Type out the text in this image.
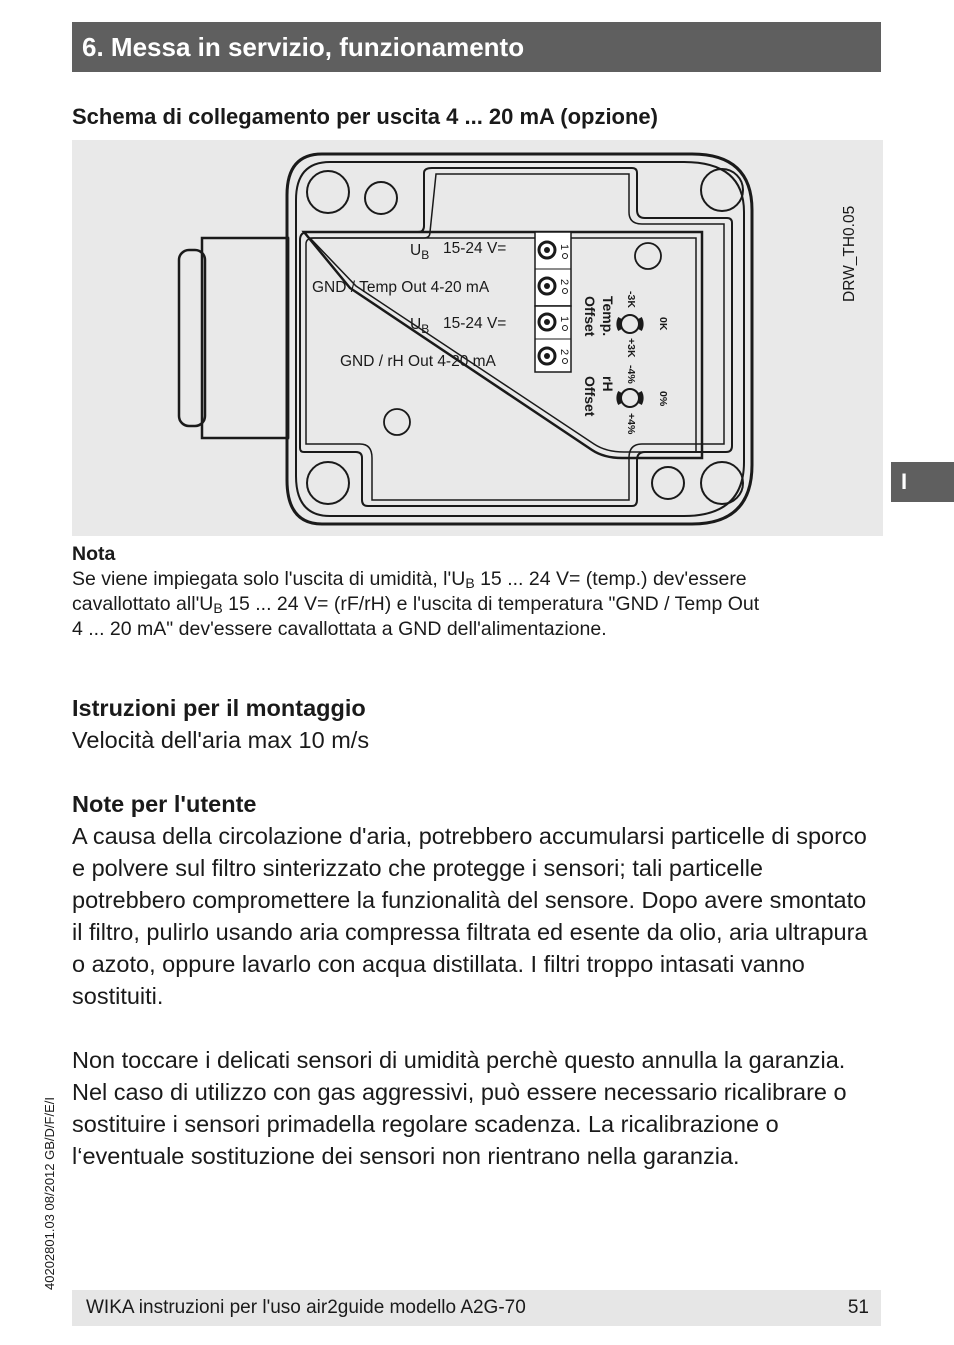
6. Messa in servizio, funzionamento
Schema di collegamento per uscita 4 ... 20 mA (opzione)
1
2
1
2
$U_B$ 15-24 V=
GND / Temp Out 4-20 mA
$U_B$ 15-24 V=
GND / rH Out 4-20 mA
Temp.
Offset
rH
Offset
-3K
+3K
0K
-4%
+4%
0%
DRW_TH0.05
I
Nota
Se viene impiegata solo l'uscita di umidità, $l'U_B$ 15 ... 24 V= (temp.) dev'essere
cavallottato $all'U_B$ 15 ... 24 V= (rF/rH) e l'uscita di temperatura "GND / Temp Out
4 ... 20 mA" dev'essere cavallottata a GND dell'alimentazione.
Istruzioni per il montaggio

Velocità dell'aria max 10 m/s

Note per l'utente

A causa della circolazione d'aria, potrebbero accumularsi particelle di sporco e polvere sul filtro sinterizzato che protegge i sensori; tali particelle potrebbero compromettere la funzionalità del sensore. Dopo avere smontato il filtro, pulirlo usando aria compressa filtrata ed esente da olio, aria ultrapura o azoto, oppure lavarlo con acqua distillata. I filtri troppo intasati vanno sostituiti.

Non toccare i delicati sensori di umidità perchè questo annulla la garanzia.

Nel caso di utilizzo con gas aggressivi, può essere necessario ricalibrare o sostituire i sensori primadella regolare scadenza. La ricalibrazione o l‘eventuale sostituzione dei sensori non rientrano nella garanzia.

40202801.03 08/2012 GB/D/F/E/I
WIKA instruzioni per l'uso air2guide modello A2G-70	51
